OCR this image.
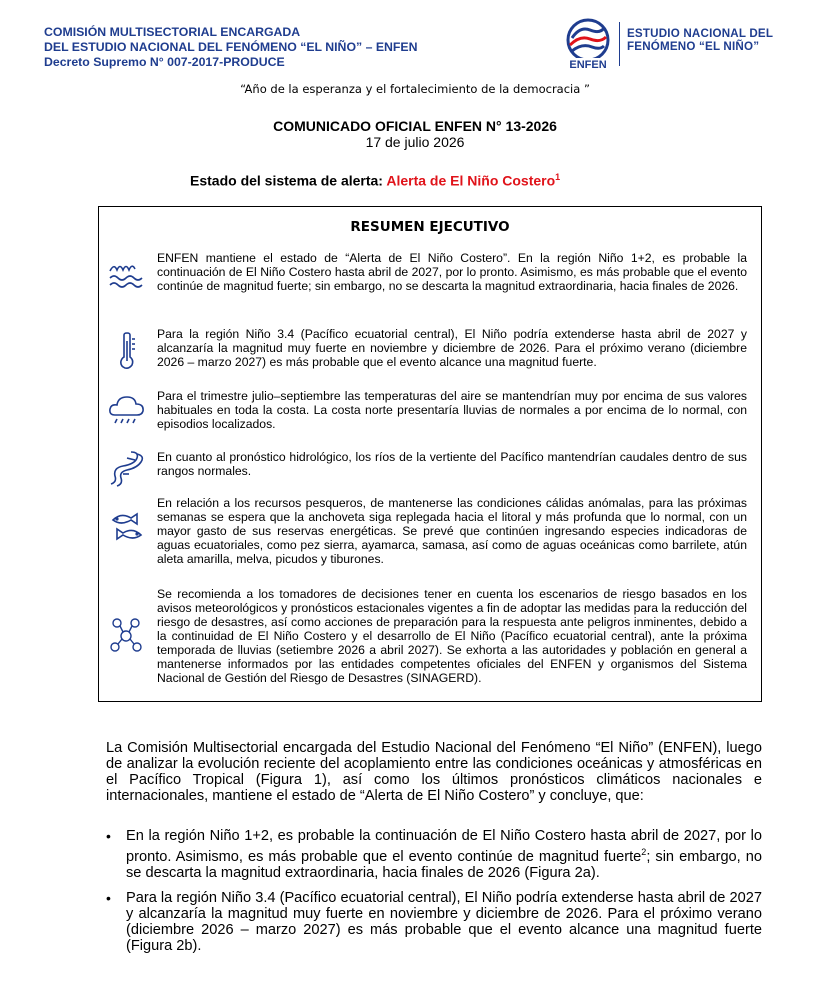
COMISIÓN MULTISECTORIAL ENCARGADA
DEL ESTUDIO NACIONAL DEL FENÓMENO “EL NIÑO” – ENFEN
Decreto Supremo N° 007-2017-PRODUCE	ENFEN
ESTUDIO NACIONAL DEL
FENÓMENO “EL NIÑO”
“Año de la esperanza y el fortalecimiento de la democracia ”
COMUNICADO OFICIAL ENFEN N° 13-2026
17 de julio 2026
Estado del sistema de alerta: Alerta de El Niño Costero$^1$
RESUMEN EJECUTIVO
ENFEN mantiene el estado de “Alerta de El Niño Costero”. En la región Niño 1+2, es probable la continuación de El Niño Costero hasta abril de 2027, por lo pronto. Asimismo, es más probable que el evento continúe de magnitud fuerte; sin embargo, no se descarta la magnitud extraordinaria, hacia finales de 2026.
Para la región Niño 3.4 (Pacífico ecuatorial central), El Niño podría extenderse hasta abril de 2027 y alcanzaría la magnitud muy fuerte en noviembre y diciembre de 2026. Para el próximo verano (diciembre 2026 – marzo 2027) es más probable que el evento alcance una magnitud fuerte.
Para el trimestre julio–septiembre las temperaturas del aire se mantendrían muy por encima de sus valores habituales en toda la costa. La costa norte presentaría lluvias de normales a por encima de lo normal, con episodios localizados.
En cuanto al pronóstico hidrológico, los ríos de la vertiente del Pacífico mantendrían caudales dentro de sus rangos normales.
En relación a los recursos pesqueros, de mantenerse las condiciones cálidas anómalas, para las próximas semanas se espera que la anchoveta siga replegada hacia el litoral y más profunda que lo normal, con un mayor gasto de sus reservas energéticas. Se prevé que continúen ingresando especies indicadoras de aguas ecuatoriales, como pez sierra, ayamarca, samasa, así como de aguas oceánicas como barrilete, atún aleta amarilla, melva, picudos y tiburones.
Se recomienda a los tomadores de decisiones tener en cuenta los escenarios de riesgo basados en los avisos meteorológicos y pronósticos estacionales vigentes a fin de adoptar las medidas para la reducción del riesgo de desastres, así como acciones de preparación para la respuesta ante peligros inminentes, debido a la continuidad de El Niño Costero y el desarrollo de El Niño (Pacífico ecuatorial central), ante la próxima temporada de lluvias (setiembre 2026 a abril 2027). Se exhorta a las autoridades y población en general a mantenerse informados por las entidades competentes oficiales del ENFEN y organismos del Sistema Nacional de Gestión del Riesgo de Desastres (SINAGERD).
La Comisión Multisectorial encargada del Estudio Nacional del Fenómeno “El Niño” (ENFEN), luego de analizar la evolución reciente del acoplamiento entre las condiciones oceánicas y atmosféricas en el Pacífico Tropical (Figura 1), así como los últimos pronósticos climáticos nacionales e internacionales, mantiene el estado de “Alerta de El Niño Costero” y concluye, que:
• En la región Niño 1+2, es probable la continuación de El Niño Costero hasta abril de 2027, por lo pronto. Asimismo, es más probable que el evento continúe de magnitud fuerte$^2$; sin embargo, no se descarta la magnitud extraordinaria, hacia finales de 2026 (Figura 2a).
• Para la región Niño 3.4 (Pacífico ecuatorial central), El Niño podría extenderse hasta abril de 2027 y alcanzaría la magnitud muy fuerte en noviembre y diciembre de 2026. Para el próximo verano (diciembre 2026 – marzo 2027) es más probable que el evento alcance una magnitud fuerte (Figura 2b).
